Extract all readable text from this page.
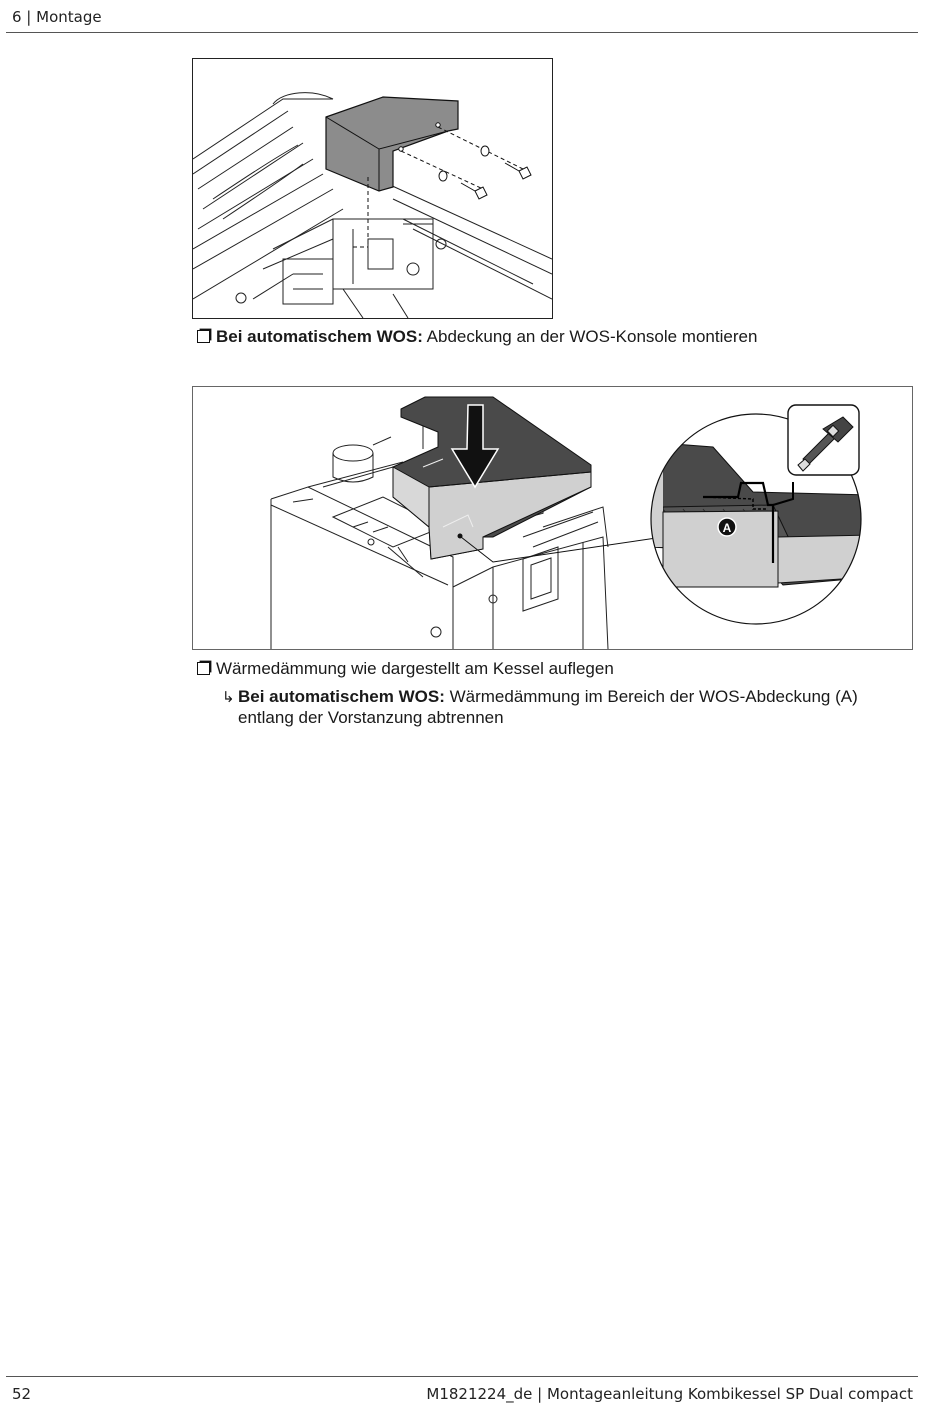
6 | Montage
Bei automatischem WOS: Abdeckung an der WOS-Konsole montieren
A
Wärmedämmung wie dargestellt am Kessel auflegen
↳ Bei automatischem WOS: Wärmedämmung im Bereich der WOS-Abdeckung (A) entlang der Vorstanzung abtrennen
52	M1821224_de | Montageanleitung Kombikessel SP Dual compact
